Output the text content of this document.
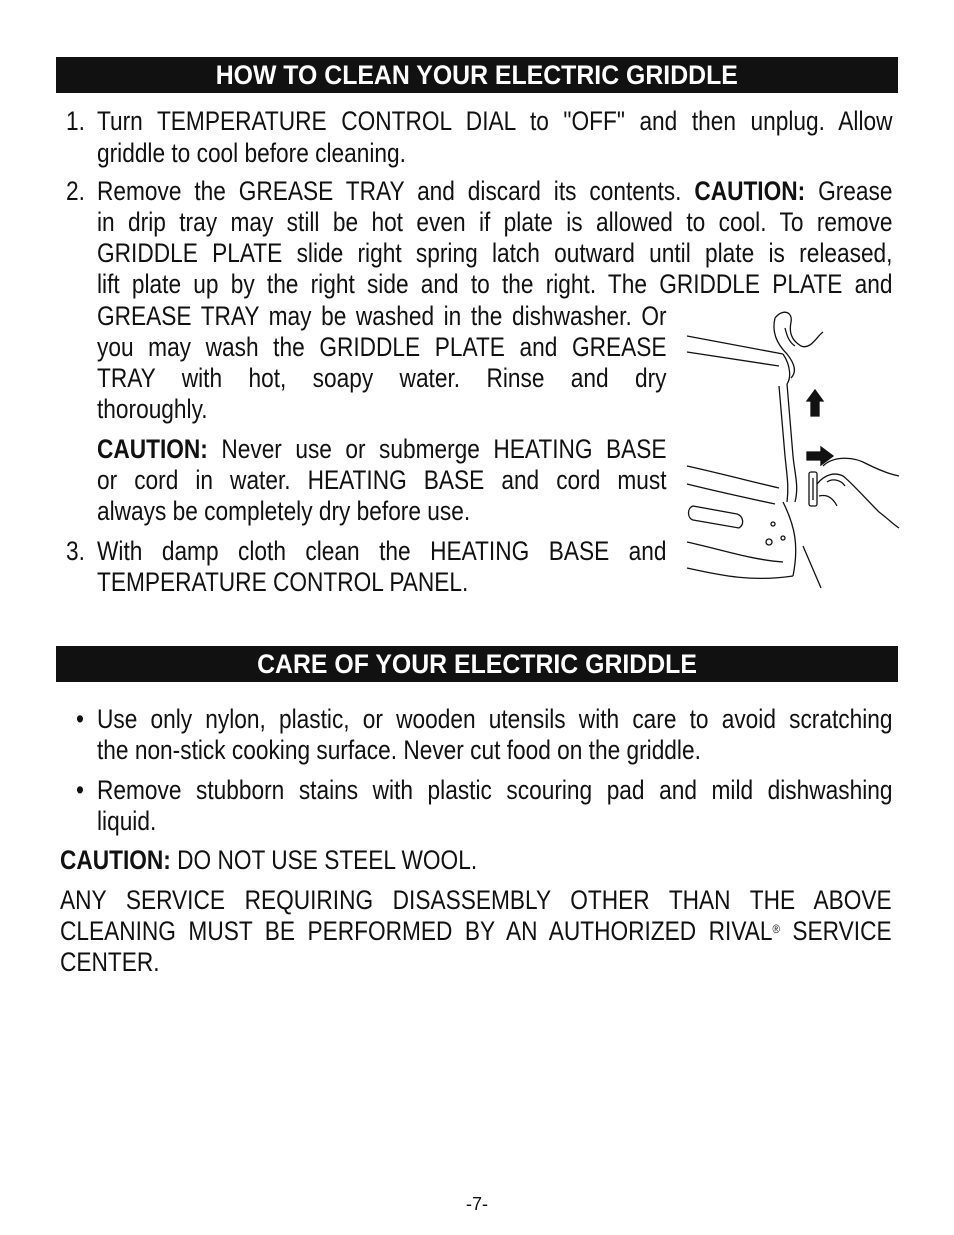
HOW TO CLEAN YOUR ELECTRIC GRIDDLE
1. Turn TEMPERATURE CONTROL DIAL to "OFF" and then unplug. Allow
griddle to cool before cleaning.
2. Remove the GREASE TRAY and discard its contents. CAUTION: Grease
in drip tray may still be hot even if plate is allowed to cool. To remove
GRIDDLE PLATE slide right spring latch outward until plate is released,
lift plate up by the right side and to the right. The GRIDDLE PLATE and
GREASE TRAY may be washed in the dishwasher. Or
you may wash the GRIDDLE PLATE and GREASE
TRAY with hot, soapy water. Rinse and dry
thoroughly.
CAUTION: Never use or submerge HEATING BASE
or cord in water. HEATING BASE and cord must
always be completely dry before use.
3. With damp cloth clean the HEATING BASE and
TEMPERATURE CONTROL PANEL.
CARE OF YOUR ELECTRIC GRIDDLE
• Use only nylon, plastic, or wooden utensils with care to avoid scratching
the non-stick cooking surface. Never cut food on the griddle.
• Remove stubborn stains with plastic scouring pad and mild dishwashing
liquid.
CAUTION: DO NOT USE STEEL WOOL.
ANY SERVICE REQUIRING DISASSEMBLY OTHER THAN THE ABOVE
CLEANING MUST BE PERFORMED BY AN AUTHORIZED RIVAL® SERVICE
CENTER.
-7-
